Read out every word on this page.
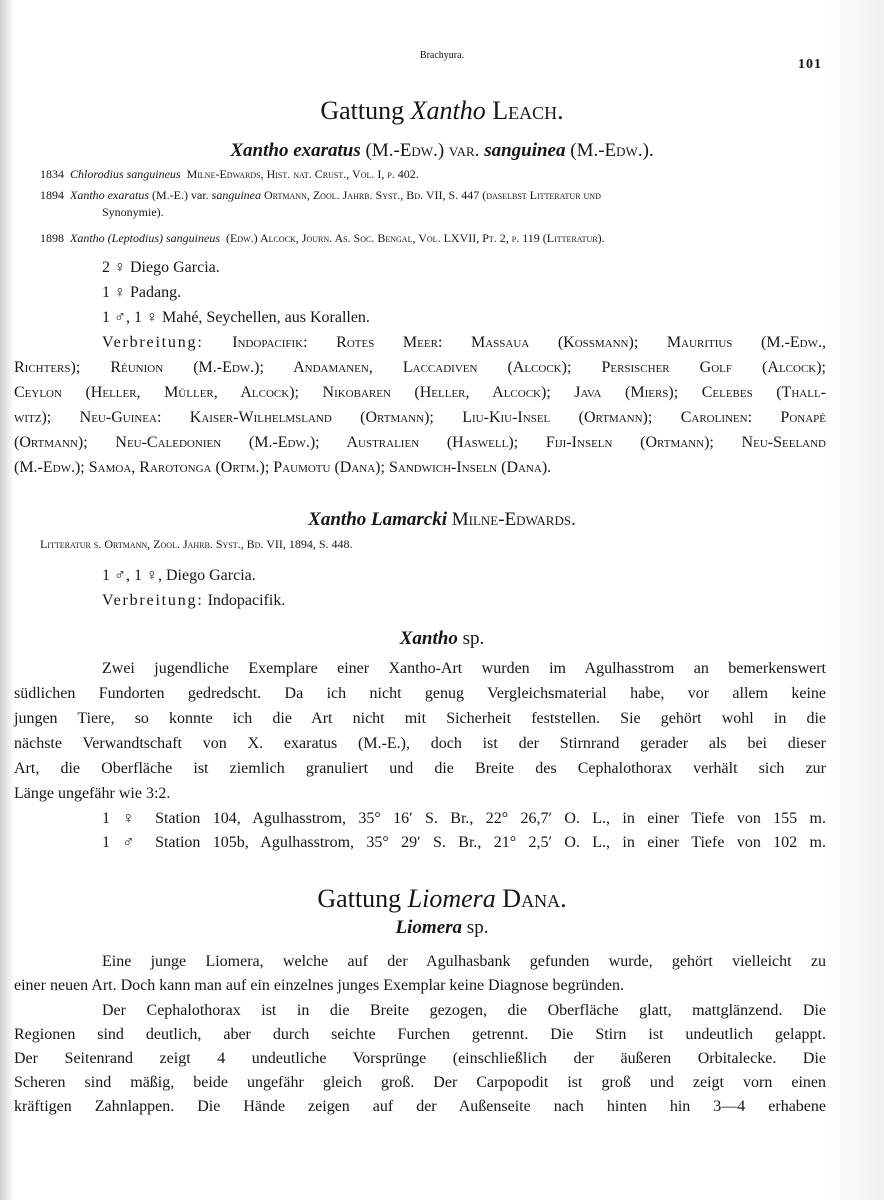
Brachyura.
101
Gattung Xantho Leach.
Xantho exaratus (M.-Edw.) var. sanguinea (M.-Edw.).
1834 Chlorodius sanguineus Milne-Edwards, Hist. nat. Crust., Vol. I, p. 402.
1894 Xantho exaratus (M.-E.) var. sanguinea Ortmann, Zool. Jahrb. Syst., Bd. VII, S. 447 (daselbst Litteratur und
Synonymie).
1898 Xantho (Leptodius) sanguineus (Edw.) Alcock, Journ. As. Soc. Bengal, Vol. LXVII, Pt. 2, p. 119 (Litteratur).
2 ♀ Diego Garcia.
1 ♀ Padang.
1 ♂, 1 ♀ Mahé, Seychellen, aus Korallen.
Verbreitung: Indopacifik: Rotes Meer: Massaua (Kossmann); Mauritius (M.-Edw.,
Richters); Réunion (M.-Edw.); Andamanen, Laccadiven (Alcock); Persischer Golf (Alcock);
Ceylon (Heller, Müller, Alcock); Nikobaren (Heller, Alcock); Java (Miers); Celebes (Thall-
witz); Neu-Guinea: Kaiser-Wilhelmsland (Ortmann); Liu-Kiu-Insel (Ortmann); Carolinen: Ponapé
(Ortmann); Neu-Caledonien (M.-Edw.); Australien (Haswell); Fiji-Inseln (Ortmann); Neu-Seeland
(M.-Edw.); Samoa, Rarotonga (Ortm.); Paumotu (Dana); Sandwich-Inseln (Dana).
Xantho Lamarcki Milne-Edwards.
Litteratur s. Ortmann, Zool. Jahrb. Syst., Bd. VII, 1894, S. 448.
1 ♂, 1 ♀, Diego Garcia.
Verbreitung: Indopacifik.
Xantho sp.
Zwei jugendliche Exemplare einer Xantho-Art wurden im Agulhasstrom an bemerkenswert
südlichen Fundorten gedredscht. Da ich nicht genug Vergleichsmaterial habe, vor allem keine
jungen Tiere, so konnte ich die Art nicht mit Sicherheit feststellen. Sie gehört wohl in die
nächste Verwandtschaft von X. exaratus (M.-E.), doch ist der Stirnrand gerader als bei dieser
Art, die Oberfläche ist ziemlich granuliert und die Breite des Cephalothorax verhält sich zur
Länge ungefähr wie 3:2.
1 ♀ Station 104, Agulhasstrom, 35° 16′ S. Br., 22° 26,7′ O. L., in einer Tiefe von 155 m.
1 ♂ Station 105b, Agulhasstrom, 35° 29′ S. Br., 21° 2,5′ O. L., in einer Tiefe von 102 m.
Gattung Liomera Dana.
Liomera sp.
Eine junge Liomera, welche auf der Agulhasbank gefunden wurde, gehört vielleicht zu
einer neuen Art. Doch kann man auf ein einzelnes junges Exemplar keine Diagnose begründen.
Der Cephalothorax ist in die Breite gezogen, die Oberfläche glatt, mattglänzend. Die
Regionen sind deutlich, aber durch seichte Furchen getrennt. Die Stirn ist undeutlich gelappt.
Der Seitenrand zeigt 4 undeutliche Vorsprünge (einschließlich der äußeren Orbitalecke. Die
Scheren sind mäßig, beide ungefähr gleich groß. Der Carpopodit ist groß und zeigt vorn einen
kräftigen Zahnlappen. Die Hände zeigen auf der Außenseite nach hinten hin 3—4 erhabene
